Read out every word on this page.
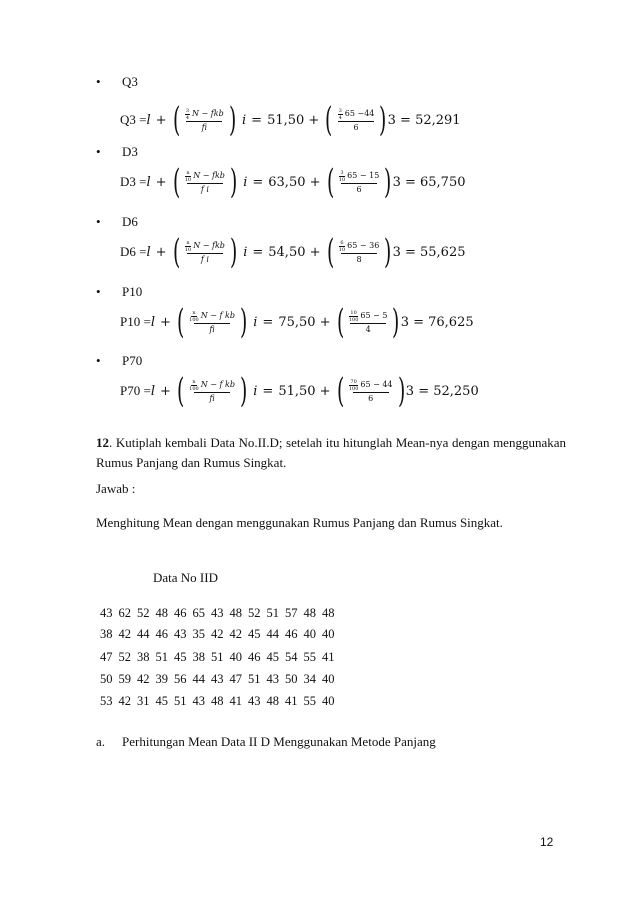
• Q3
Q3 = l + ( 3
4 N − fkb
fi ) i = 51,50 + ( 3
4 65 −44
6 ) 3 = 52,291
• D3
D3 = l + ( n
10 N − fkb
f i ) i = 63,50 + ( 3
10 65 − 15
6 ) 3 = 65,750
• D6
D6 = l + ( n
10 N − fkb
f i ) i = 54,50 + ( 6
10 65 − 36
8 ) 3 = 55,625
• P10
P10 = l + ( n
100 N − f kb
fi ) i = 75,50 + ( 10
100 65 − 5
4 ) 3 = 76,625
• P70
P70 = l + ( n
100 N − f kb
fi ) i = 51,50 + ( 70
100 65 − 44
6 ) 3 = 52,250
12. Kutiplah kembali Data No.II.D; setelah itu hitunglah Mean-nya dengan menggunakan Rumus Panjang dan Rumus Singkat.
Jawab :
Menghitung Mean dengan menggunakan Rumus Panjang dan Rumus Singkat.
Data No IID
43 62 52 48 46 65 43 48 52 51 57 48 48
38 42 44 46 43 35 42 42 45 44 46 40 40
47 52 38 51 45 38 51 40 46 45 54 55 41
50 59 42 39 56 44 43 47 51 43 50 34 40
53 42 31 45 51 43 48 41 43 48 41 55 40
a. Perhitungan Mean Data II D Menggunakan Metode Panjang
12
